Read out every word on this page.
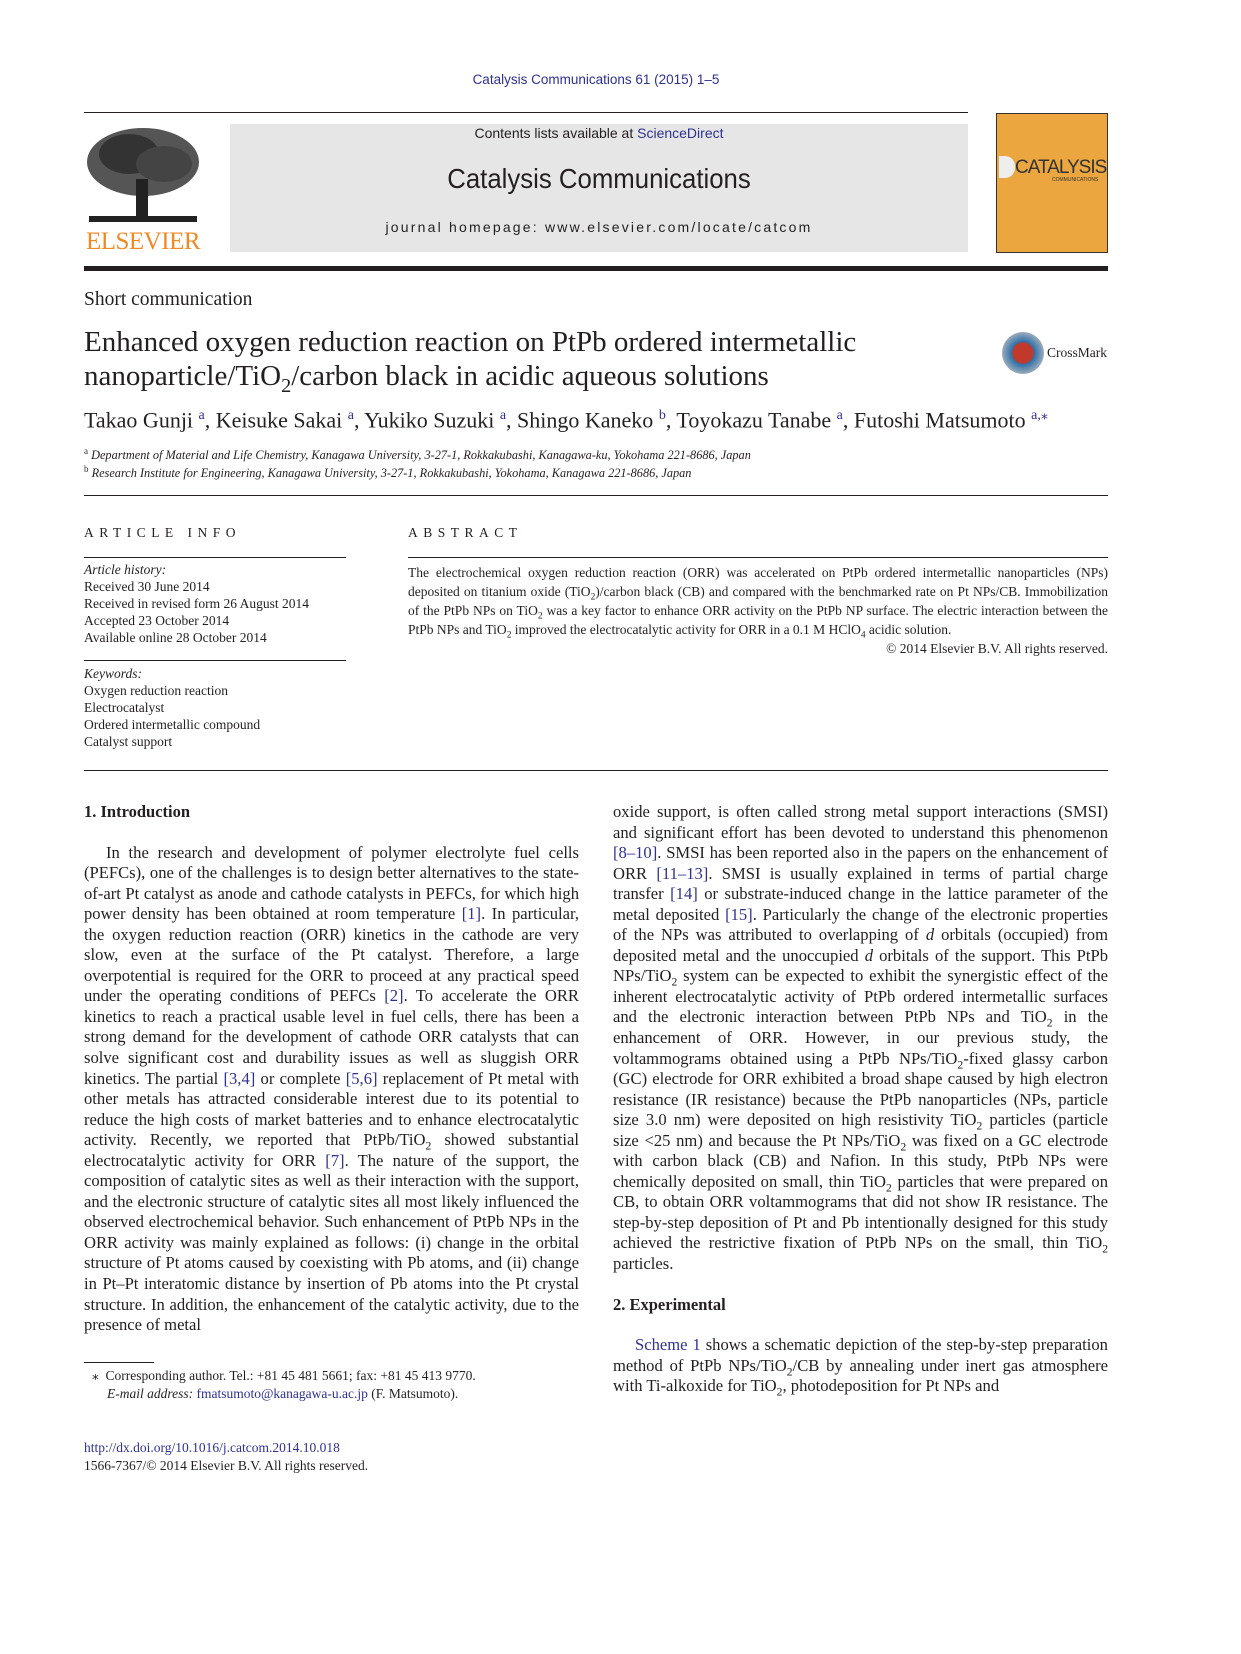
Catalysis Communications 61 (2015) 1–5
ELSEVIER
Contents lists available at ScienceDirect
Catalysis Communications
journal homepage: www.elsevier.com/locate/catcom
CATALYSIS
COMMUNICATIONS
Short communication
Enhanced oxygen reduction reaction on PtPb ordered intermetallic nanoparticle/TiO$_2$/carbon black in acidic aqueous solutions
CrossMark
Takao Gunji $^a$, Keisuke Sakai $^a$, Yukiko Suzuki $^a$, Shingo Kaneko $^b$, Toyokazu Tanabe $^a$, Futoshi Matsumoto $^{a,⁎}$
$^a$ Department of Material and Life Chemistry, Kanagawa University, 3-27-1, Rokkakubashi, Kanagawa-ku, Yokohama 221-8686, Japan
$^b$ Research Institute for Engineering, Kanagawa University, 3-27-1, Rokkakubashi, Yokohama, Kanagawa 221-8686, Japan
ARTICLE INFO	ABSTRACT
Article history:
Received 30 June 2014
Received in revised form 26 August 2014
Accepted 23 October 2014
Available online 28 October 2014
Keywords:
Oxygen reduction reaction
Electrocatalyst
Ordered intermetallic compound
Catalyst support
The electrochemical oxygen reduction reaction (ORR) was accelerated on PtPb ordered intermetallic nanoparticles (NPs) deposited on titanium oxide (TiO$_2$)/carbon black (CB) and compared with the benchmarked rate on Pt NPs/CB. Immobilization of the PtPb NPs on TiO$_2$ was a key factor to enhance ORR activity on the PtPb NP surface. The electric interaction between the PtPb NPs and TiO$_2$ improved the electrocatalytic activity for ORR in a 0.1 M HClO$_4$ acidic solution.
© 2014 Elsevier B.V. All rights reserved.
1. Introduction

In the research and development of polymer electrolyte fuel cells (PEFCs), one of the challenges is to design better alternatives to the state-of-art Pt catalyst as anode and cathode catalysts in PEFCs, for which high power density has been obtained at room temperature [1]. In particular, the oxygen reduction reaction (ORR) kinetics in the cathode are very slow, even at the surface of the Pt catalyst. Therefore, a large overpotential is required for the ORR to proceed at any practical speed under the operating conditions of PEFCs [2]. To accelerate the ORR kinetics to reach a practical usable level in fuel cells, there has been a strong demand for the development of cathode ORR catalysts that can solve significant cost and durability issues as well as sluggish ORR kinetics. The partial [3,4] or complete [5,6] replacement of Pt metal with other metals has attracted considerable interest due to its potential to reduce the high costs of market batteries and to enhance electrocatalytic activity. Recently, we reported that PtPb/TiO$_2$ showed substantial electrocatalytic activity for ORR [7]. The nature of the support, the composition of catalytic sites as well as their interaction with the support, and the electronic structure of catalytic sites all most likely influenced the observed electrochemical behavior. Such enhancement of PtPb NPs in the ORR activity was mainly explained as follows: (i) change in the orbital structure of Pt atoms caused by coexisting with Pb atoms, and (ii) change in Pt–Pt interatomic distance by insertion of Pb atoms into the Pt crystal structure. In addition, the enhancement of the catalytic activity, due to the presence of metal

oxide support, is often called strong metal support interactions (SMSI) and significant effort has been devoted to understand this phenomenon [8–10]. SMSI has been reported also in the papers on the enhancement of ORR [11–13]. SMSI is usually explained in terms of partial charge transfer [14] or substrate-induced change in the lattice parameter of the metal deposited [15]. Particularly the change of the electronic properties of the NPs was attributed to overlapping of d orbitals (occupied) from deposited metal and the unoccupied d orbitals of the support. This PtPb NPs/TiO$_2$ system can be expected to exhibit the synergistic effect of the inherent electrocatalytic activity of PtPb ordered intermetallic surfaces and the electronic interaction between PtPb NPs and TiO$_2$ in the enhancement of ORR. However, in our previous study, the voltammograms obtained using a PtPb NPs/TiO$_2$-fixed glassy carbon (GC) electrode for ORR exhibited a broad shape caused by high electron resistance (IR resistance) because the PtPb nanoparticles (NPs, particle size 3.0 nm) were deposited on high resistivity TiO$_2$ particles (particle size <25 nm) and because the Pt NPs/TiO$_2$ was fixed on a GC electrode with carbon black (CB) and Nafion. In this study, PtPb NPs were chemically deposited on small, thin TiO$_2$ particles that were prepared on CB, to obtain ORR voltammograms that did not show IR resistance. The step-by-step deposition of Pt and Pb intentionally designed for this study achieved the restrictive fixation of PtPb NPs on the small, thin TiO$_2$ particles.

2. Experimental

Scheme 1 shows a schematic depiction of the step-by-step preparation method of PtPb NPs/TiO$_2$/CB by annealing under inert gas atmosphere with Ti-alkoxide for TiO$_2$, photodeposition for Pt NPs and

⁎ Corresponding author. Tel.: +81 45 481 5661; fax: +81 45 413 9770.
E-mail address: fmatsumoto@kanagawa-u.ac.jp (F. Matsumoto).
http://dx.doi.org/10.1016/j.catcom.2014.10.018
1566-7367/© 2014 Elsevier B.V. All rights reserved.
